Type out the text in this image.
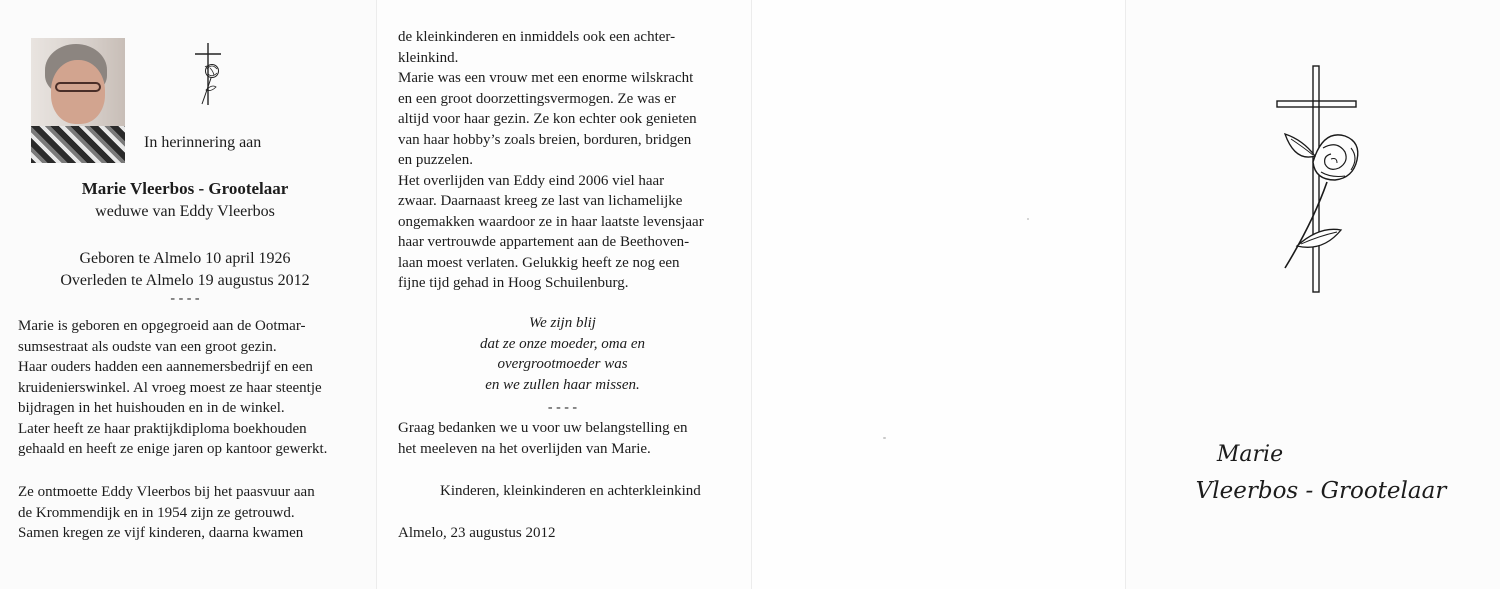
In herinnering aan
Marie Vleerbos - Grootelaar
weduwe van Eddy Vleerbos
Geboren te Almelo 10 april 1926
Overleden te Almelo 19 augustus 2012
- - - -
Marie is geboren en opgegroeid aan de Ootmar-
sumsestraat als oudste van een groot gezin.
Haar ouders hadden een aannemersbedrijf en een
kruidenierswinkel. Al vroeg moest ze haar steentje
bijdragen in het huishouden en in de winkel.
Later heeft ze haar praktijkdiploma boekhouden
gehaald en heeft ze enige jaren op kantoor gewerkt.
Ze ontmoette Eddy Vleerbos bij het paasvuur aan
de Krommendijk en in 1954 zijn ze getrouwd.
Samen kregen ze vijf kinderen, daarna kwamen
de kleinkinderen en inmiddels ook een achter-
kleinkind.
Marie was een vrouw met een enorme wilskracht
en een groot doorzettingsvermogen. Ze was er
altijd voor haar gezin. Ze kon echter ook genieten
van haar hobby’s zoals breien, borduren, bridgen
en puzzelen.
Het overlijden van Eddy eind 2006 viel haar
zwaar. Daarnaast kreeg ze last van lichamelijke
ongemakken waardoor ze in haar laatste levensjaar
haar vertrouwde appartement aan de Beethoven-
laan moest verlaten. Gelukkig heeft ze nog een
fijne tijd gehad in Hoog Schuilenburg.
We zijn blij
dat ze onze moeder, oma en
overgrootmoeder was
en we zullen haar missen.
- - - -
Graag bedanken we u voor uw belangstelling en
het meeleven na het overlijden van Marie.
Kinderen, kleinkinderen en achterkleinkind
Almelo, 23 augustus 2012
Marie
Vleerbos - Grootelaar
